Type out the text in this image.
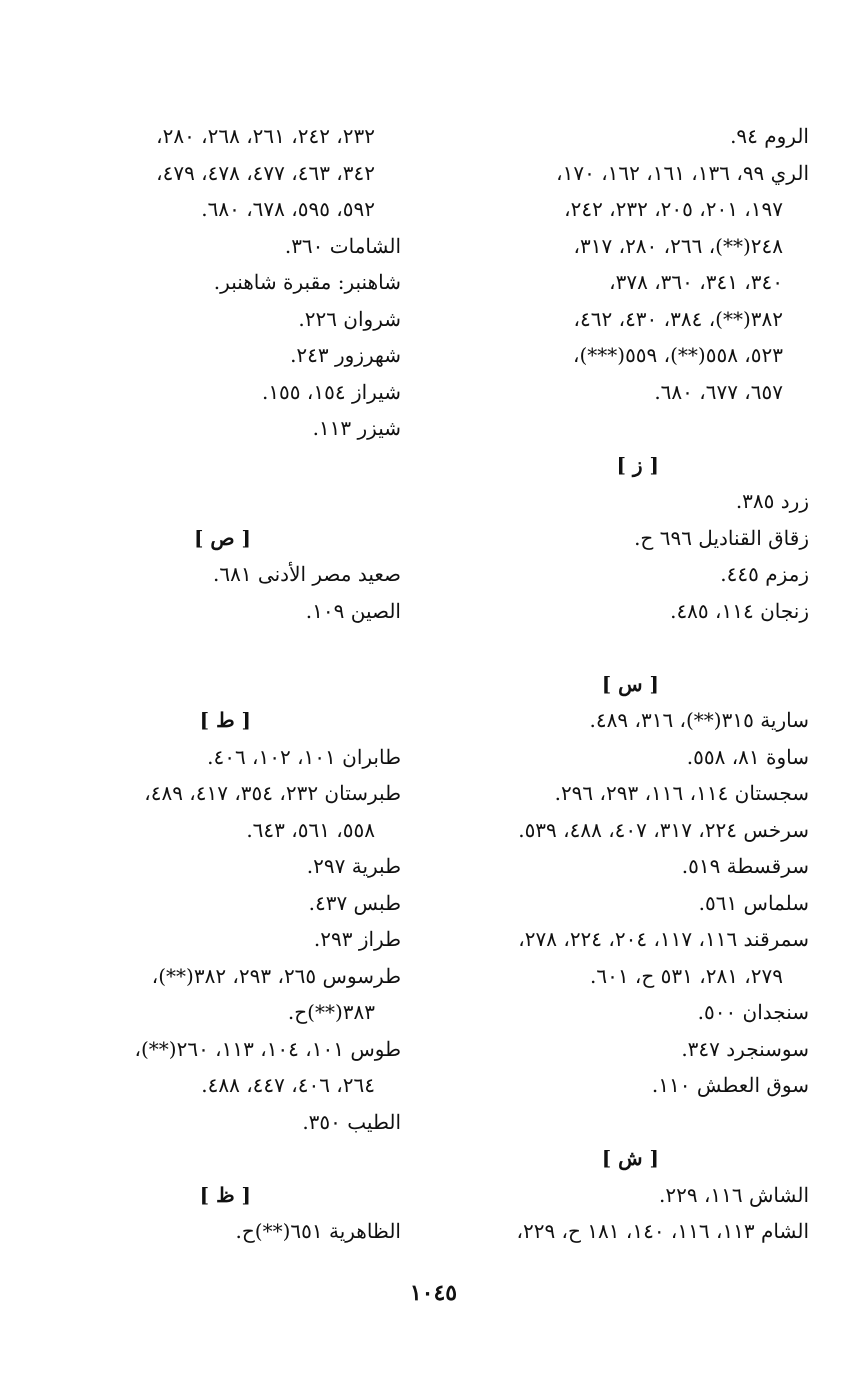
الروم ٩٤.
الري ٩٩، ١٣٦، ١٦١، ١٦٢، ١٧٠،
١٩٧، ٢٠١، ٢٠٥، ٢٣٢، ٢٤٢،
٢٤٨(**)، ٢٦٦، ٢٨٠، ٣١٧،
٣٤٠، ٣٤١، ٣٦٠، ٣٧٨،
٣٨٢(**)، ٣٨٤، ٤٣٠، ٤٦٢،
٥٢٣، ٥٥٨(**)، ٥٥٩(***)،
٦٥٧، ٦٧٧، ٦٨٠.
[ ز ]
زرد ٣٨٥.
زقاق القناديل ٦٩٦ ح.
زمزم ٤٤٥.
زنجان ١١٤، ٤٨٥.
[ س ]
سارية ٣١٥(**)، ٣١٦، ٤٨٩.
ساوة ٨١، ٥٥٨.
سجستان ١١٤، ١١٦، ٢٩٣، ٢٩٦.
سرخس ٢٢٤، ٣١٧، ٤٠٧، ٤٨٨، ٥٣٩.
سرقسطة ٥١٩.
سلماس ٥٦١.
سمرقند ١١٦، ١١٧، ٢٠٤، ٢٢٤، ٢٧٨،
٢٧٩، ٢٨١، ٥٣١ ح، ٦٠١.
سنجدان ٥٠٠.
سوسنجرد ٣٤٧.
سوق العطش ١١٠.
[ ش ]
الشاش ١١٦، ٢٢٩.
الشام ١١٣، ١١٦، ١٤٠، ١٨١ ح، ٢٢٩،
٢٣٢، ٢٤٢، ٢٦١، ٢٦٨، ٢٨٠،
٣٤٢، ٤٦٣، ٤٧٧، ٤٧٨، ٤٧٩،
٥٩٢، ٥٩٥، ٦٧٨، ٦٨٠.
الشامات ٣٦٠.
شاهنبر: مقبرة شاهنبر.
شروان ٢٢٦.
شهرزور ٢٤٣.
شيراز ١٥٤، ١٥٥.
شيزر ١١٣.
[ ص ]
صعيد مصر الأدنى ٦٨١.
الصين ١٠٩.
[ ط ]
طابران ١٠١، ١٠٢، ٤٠٦.
طبرستان ٢٣٢، ٣٥٤، ٤١٧، ٤٨٩،
٥٥٨، ٥٦١، ٦٤٣.
طبرية ٢٩٧.
طبس ٤٣٧.
طراز ٢٩٣.
طرسوس ٢٦٥، ٢٩٣، ٣٨٢(**)،
٣٨٣(**)ح.
طوس ١٠١، ١٠٤، ١١٣، ٢٦٠(**)،
٢٦٤، ٤٠٦، ٤٤٧، ٤٨٨.
الطيب ٣٥٠.
[ ظ ]
الظاهرية ٦٥١(**)ح.
١٠٤٥
